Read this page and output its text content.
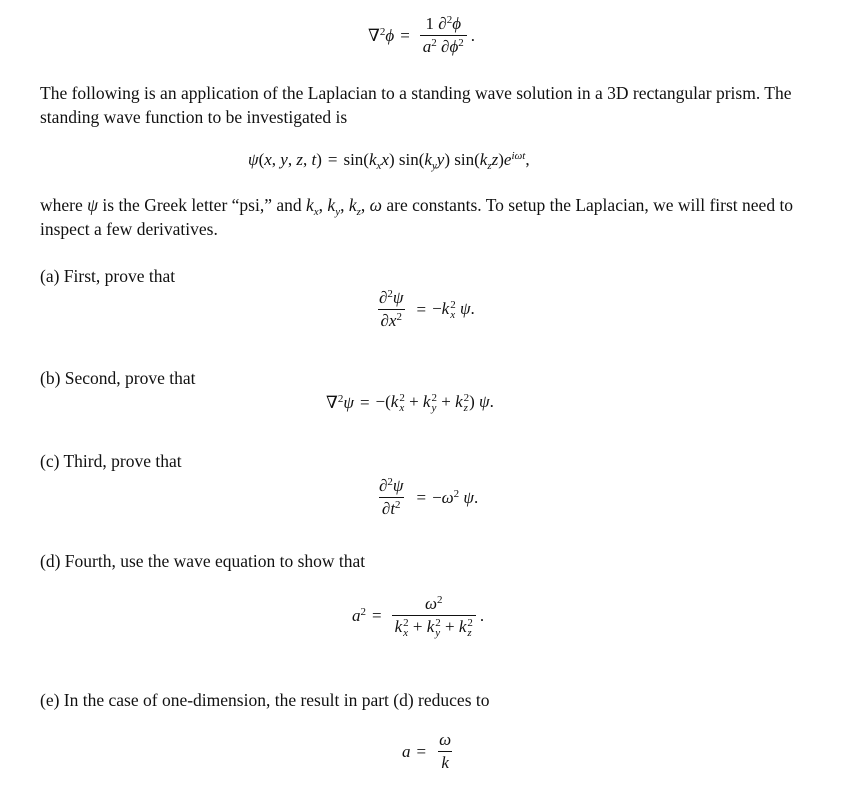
$\nabla^2\phi = \frac{1 \partial^2\phi}{a^2 \partial\phi^2}$ .

The following is an application of the Laplacian to a standing wave solution in a 3D rectangular prism. The standing wave function to be investigated is

ψ(x, y, z, $t) = \sin(k_xx)$ $\sin(k_yy)$ $\sin(k_zz)e^{i\omega t}$,

where ψ is the Greek letter “psi,” and $k_x$, $k_y$, $k_z$, ω are constants. To setup the Laplacian, we will first need to inspect a few derivatives.

(a) First, prove that
$\frac{\partial^2\psi}{\partial x^2} = -k$ 2
x ψ.
(b) Second, prove that
∇$^2$ψ = −(k 2
x + k 2
y + k 2
z ) ψ.
(c) Third, prove that
$\frac{\partial^2\psi}{\partial t^2} = -\omega^2$ ψ.
(d) Fourth, use the wave equation to show that
$a^2 = \omega^2$
k 2
x + k 2
y + k 2
z .
(e) In the case of one-dimension, the result in part (d) reduces to
$a = \frac{\omega}{k}$
